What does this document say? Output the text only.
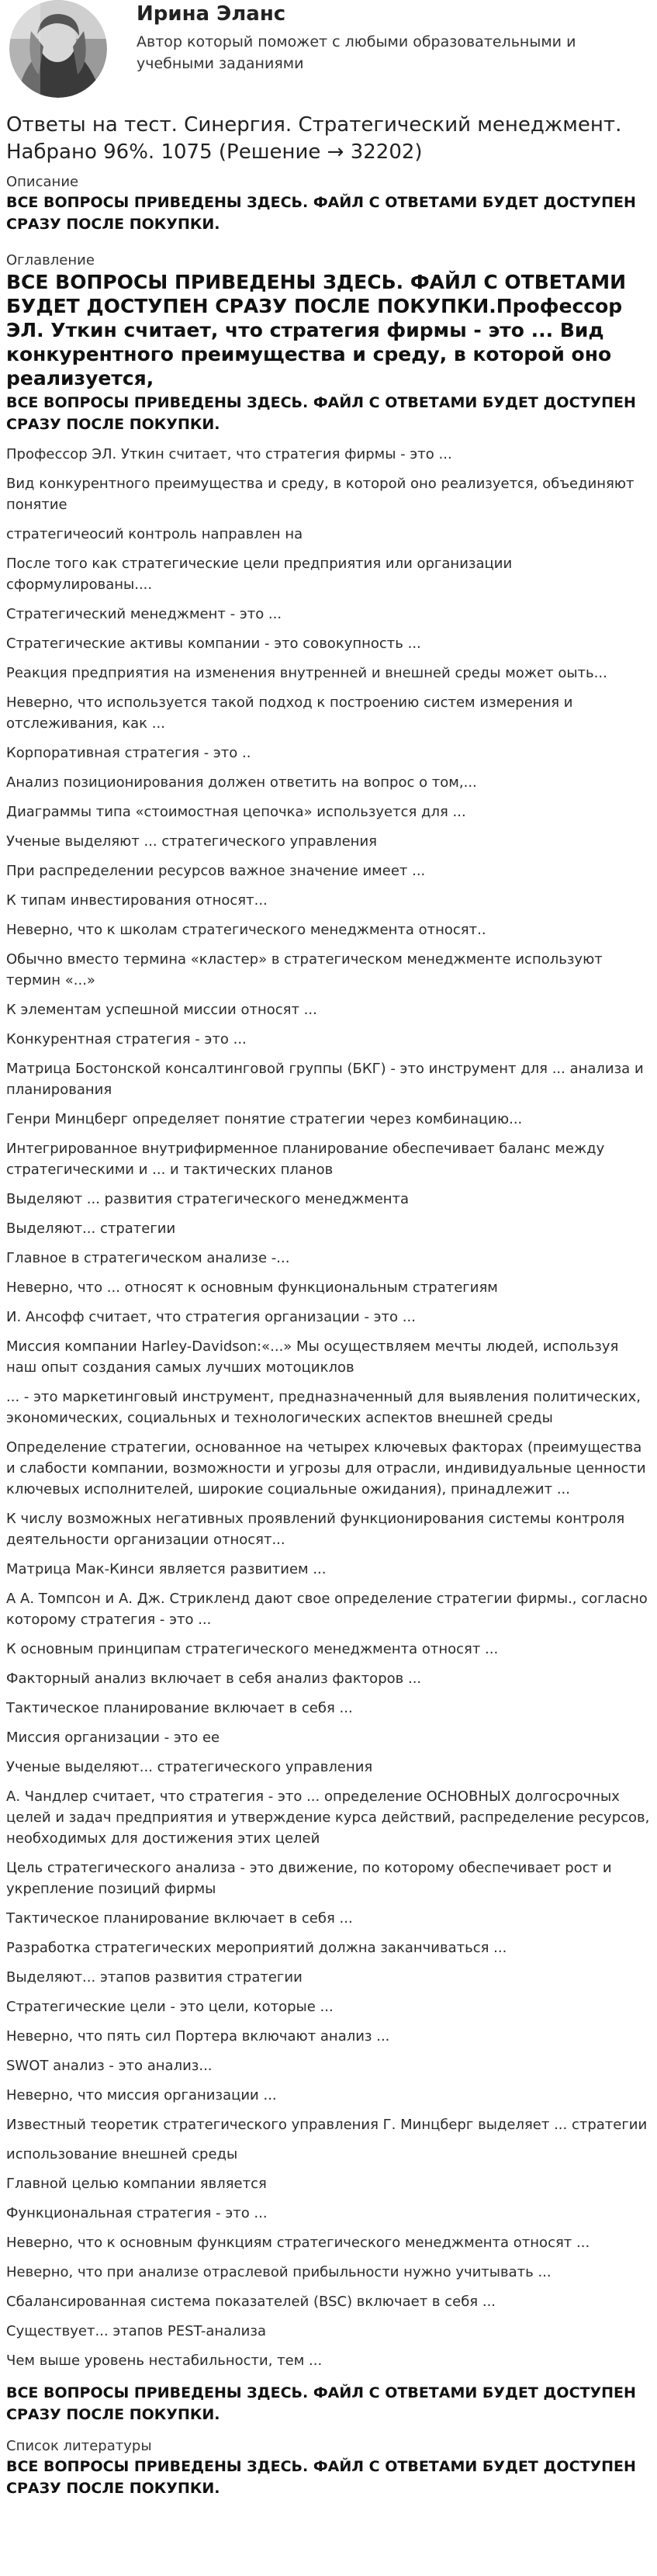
Ирина Эланс
Автор который поможет с любыми образовательными и учебными заданиями
Ответы на тест. Синергия. Стратегический менеджмент. Набрано 96%. 1075 (Решение → 32202)
Описание
ВСЕ ВОПРОСЫ ПРИВЕДЕНЫ ЗДЕСЬ. ФАЙЛ С ОТВЕТАМИ БУДЕТ ДОСТУПЕН СРАЗУ ПОСЛЕ ПОКУПКИ.
Оглавление
ВСЕ ВОПРОСЫ ПРИВЕДЕНЫ ЗДЕСЬ. ФАЙЛ С ОТВЕТАМИ БУДЕТ ДОСТУПЕН СРАЗУ ПОСЛЕ ПОКУПКИ.Профессор ЭЛ. Уткин считает, что стратегия фирмы - это ... Вид конкурентного преимущества и среду, в которой оно реализуется,
ВСЕ ВОПРОСЫ ПРИВЕДЕНЫ ЗДЕСЬ. ФАЙЛ С ОТВЕТАМИ БУДЕТ ДОСТУПЕН СРАЗУ ПОСЛЕ ПОКУПКИ.
Профессор ЭЛ. Уткин считает, что стратегия фирмы - это ...
Вид конкурентного преимущества и среду, в которой оно реализуется, объединяют понятие
стратегичеосий контроль направлен на
После того как стратегические цели предприятия или организации сформулированы....
Стратегический менеджмент - это ...
Стратегические активы компании - это совокупность ...
Реакция предприятия на изменения внутренней и внешней среды может оыть...
Неверно, что используется такой подход к построению систем измерения и отслеживания, как ...
Корпоративная стратегия - это ..
Анализ позиционирования должен ответить на вопрос о том,...
Диаграммы типа «стоимостная цепочка» используется для ...
Ученые выделяют ... стратегического управления
При распределении ресурсов важное значение имеет ...
К типам инвестирования относят...
Неверно, что к школам стратегического менеджмента относят..
Обычно вместо термина «кластер» в стратегическом менеджменте используют термин «...»
К элементам успешной миссии относят ...
Конкурентная стратегия - это ...
Матрица Бостонской консалтинговой группы (БКГ) - это инструмент для ... анализа и планирования
Генри Минцберг определяет понятие стратегии через комбинацию...
Интегрированное внутрифирменное планирование обеспечивает баланс между стратегическими и ... и тактических планов
Выделяют ... развития стратегического менеджмента
Выделяют... стратегии
Главное в стратегическом анализе -...
Неверно, что ... относят к основным функциональным стратегиям
И. Ансофф считает, что стратегия организации - это ...
Миссия компании Harley-Davidson:«...» Мы осуществляем мечты людей, используя наш опыт создания самых лучших мотоциклов
... - это маркетинговый инструмент, предназначенный для выявления политических, экономических, социальных и технологических аспектов внешней среды
Определение стратегии, основанное на четырех ключевых факторах (преимущества и слабости компании, возможности и угрозы для отрасли, индивидуальные ценности ключевых исполнителей, широкие социальные ожидания), принадлежит ...
К числу возможных негативных проявлений функционирования системы контроля деятельности организации относят...
Матрица Мак-Кинси является развитием ...
А А. Томпсон и А. Дж. Стрикленд дают свое определение стратегии фирмы., согласно которому стратегия - это ...
К основным принципам стратегического менеджмента относят ...
Факторный анализ включает в себя анализ факторов ...
Тактическое планирование включает в себя ...
Миссия организации - это ее
Ученые выделяют... стратегического управления
А. Чандлер считает, что стратегия - это ... определение ОСНОВНЫХ долгосрочных целей и задач предприятия и утверждение курса действий, распределение ресурсов, необходимых для достижения этих целей
Цель стратегического анализа - это движение, по которому обеспечивает рост и укрепление позиций фирмы
Тактическое планирование включает в себя ...
Разработка стратегических мероприятий должна заканчиваться ...
Выделяют... этапов развития стратегии
Стратегические цели - это цели, которые ...
Неверно, что пять сил Портера включают анализ ...
SWOT анализ - это анализ...
Неверно, что миссия организации ...
Известный теоретик стратегического управления Г. Минцберг выделяет ... стратегии
использование внешней среды
Главной целью компании является
Функциональная стратегия - это ...
Неверно, что к основным функциям стратегического менеджмента относят ...
Неверно, что при анализе отраслевой прибыльности нужно учитывать ...
Сбалансированная система показателей (BSC) включает в себя ...
Существует... этапов PEST-анализа
Чем выше уровень нестабильности, тем ...
ВСЕ ВОПРОСЫ ПРИВЕДЕНЫ ЗДЕСЬ. ФАЙЛ С ОТВЕТАМИ БУДЕТ ДОСТУПЕН СРАЗУ ПОСЛЕ ПОКУПКИ.
Список литературы
ВСЕ ВОПРОСЫ ПРИВЕДЕНЫ ЗДЕСЬ. ФАЙЛ С ОТВЕТАМИ БУДЕТ ДОСТУПЕН СРАЗУ ПОСЛЕ ПОКУПКИ.
